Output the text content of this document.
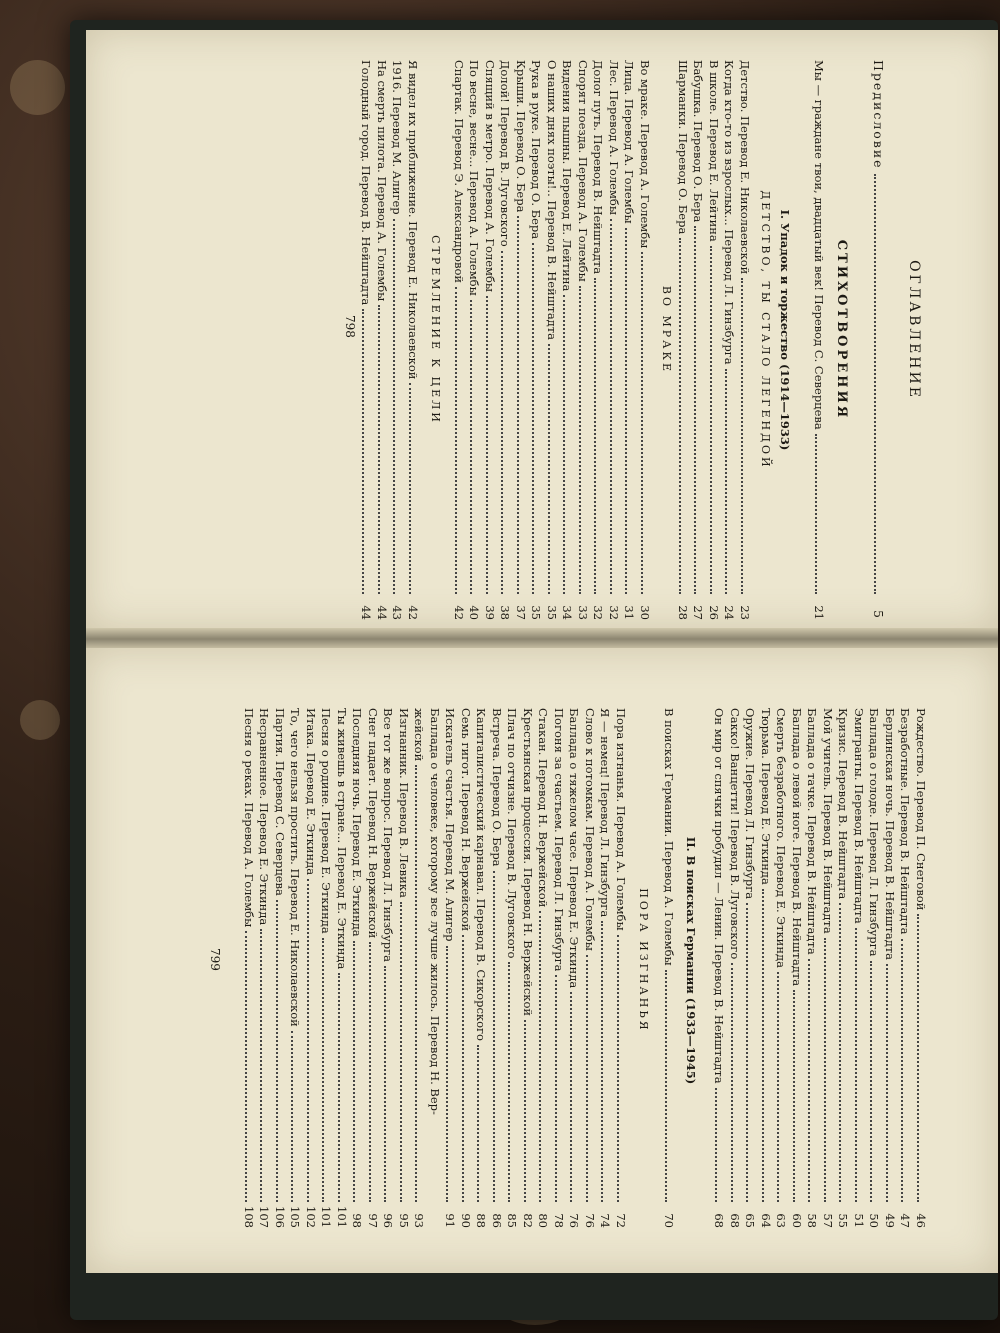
ОГЛАВЛЕНИЕ
Предисловие
5
СТИХОТВОРЕНИЯ
Мы — граждане твои, двадцатый век! Перевод С. Северцева
21

I. Упадок и торжество (1914—1933)

ДЕТСТВО, ТЫ СТАЛО ЛЕГЕНДОЙ

Детство. Перевод Е. Николаевской
23
Когда кто-то из взрослых... Перевод Л. Гинзбурга
24
В школе. Перевод Е. Лейтина
26
Бабушка. Перевод О. Бера
27
Шарманки. Перевод О. Бера
28

ВО МРАКЕ

Во мраке. Перевод А. Голембы
30
Лица. Перевод А. Голембы
31
Лес. Перевод А. Голембы
32
Долог путь. Перевод В. Нейштадта
32
Спорят поезда. Перевод А. Голембы
33
Видения пышны. Перевод Е. Лейтина
34
О наших днях поэты!.. Перевод В. Нейштадта
35
Рука в руке. Перевод О. Бера
35
Крыши. Перевод О. Бера
37
Долой! Перевод В. Луговского
38
Спящий в метро. Перевод А. Голембы
39
По весне, весне... Перевод А. Голембы
40
Спартак. Перевод Э. Александровой
42

СТРЕМЛЕНИЕ К ЦЕЛИ

Я видел их приближение. Перевод Е. Николаевской
42
1916. Перевод М. Алигер
43
На смерть пилота. Перевод А. Голембы
44
Голодный город. Перевод В. Нейштадта
44
798
Рождество. Перевод П. Снеговой
46
Безработные. Перевод В. Нейштадта
47
Берлинская ночь. Перевод В. Нейштадта
49
Баллада о голоде. Перевод Л. Гинзбурга
50
Эмигранты. Перевод В. Нейштадта
51
Кризис. Перевод В. Нейштадта
55
Мой учитель. Перевод В. Нейштадта
57
Баллада о тачке. Перевод В. Нейштадта
58
Баллада о левой ноге. Перевод В. Нейштадта
60
Смерть безработного. Перевод Е. Эткинда
63
Тюрьма. Перевод Е. Эткинда
64
Оружие. Перевод Л. Гинзбурга
65
Сакко! Ванцетти! Перевод В. Луговского
68
Он мир от спячки пробудил — Ленин. Перевод В. Нейштадта
68

II. В поисках Германии (1933—1945)

В поисках Германии. Перевод А. Голембы
70

ПОРА ИЗГНАНЬЯ

Пора изгнанья. Перевод А. Голембы
72
Я — немец! Перевод Л. Гинзбурга
74
Слово к потомкам. Перевод А. Голембы
76
Баллада о тяжелом часе. Перевод Е. Эткинда
76
Погоня за счастьем. Перевод Л. Гинзбурга
78
Стакан. Перевод Н. Вержейской
80
Крестьянская процессия. Перевод Н. Вержейской
82
Плач по отчизне. Перевод В. Луговского
85
Встреча. Перевод О. Бера
86
Капиталистический карнавал. Перевод В. Сикорского
88
Семь гигот. Перевод Н. Вержейской
90
Искатель счастья. Перевод М. Алигер
91
Баллада о человеке, которому все лучше жилось. Перевод Н. Вер-
жейской
93
Изгнанник. Перевод В. Левика
95
Все тот же вопрос. Перевод Л. Гинзбурга
96
Снег падает. Перевод Н. Вержейской
97
Последняя ночь. Перевод Е. Эткинда
98
Ты живешь в стране... Перевод Е. Эткинда
101
Песня о родине. Перевод Е. Эткинда
101
Итака. Перевод Е. Эткинда
102
То, чего нельзя простить. Перевод Е. Николаевской
105
Партия. Перевод С. Северцева
106
Несравненное. Перевод Е. Эткинда
107
Песня о реках. Перевод А. Голембы
108
799
